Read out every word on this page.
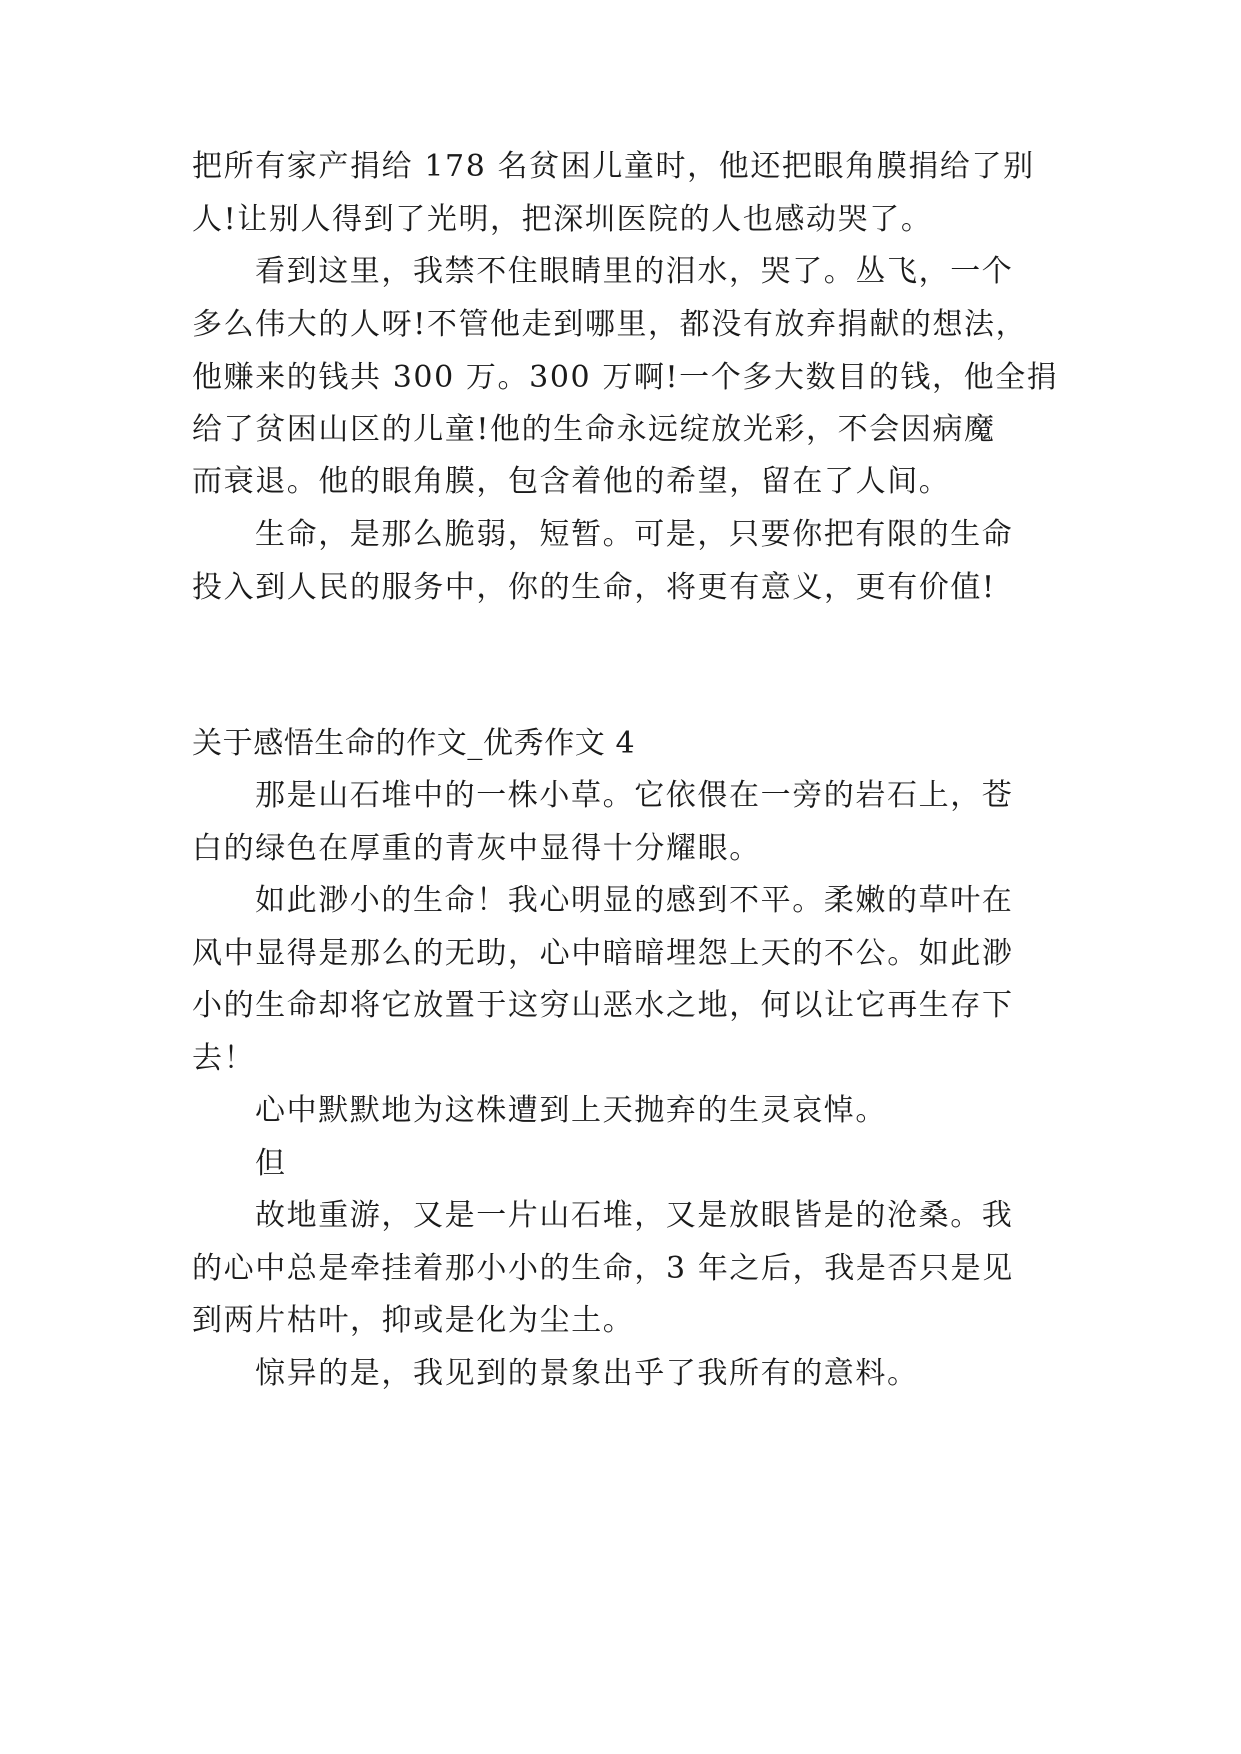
把所有家产捐给 178 名贫困儿童时，他还把眼角膜捐给了别
人!让别人得到了光明，把深圳医院的人也感动哭了。
看到这里，我禁不住眼睛里的泪水，哭了。丛飞，一个
多么伟大的人呀!不管他走到哪里，都没有放弃捐献的想法，
他赚来的钱共 300 万。300 万啊!一个多大数目的钱，他全捐
给了贫困山区的儿童!他的生命永远绽放光彩，不会因病魔
而衰退。他的眼角膜，包含着他的希望，留在了人间。
生命，是那么脆弱，短暂。可是，只要你把有限的生命
投入到人民的服务中，你的生命，将更有意义，更有价值!
关于感悟生命的作文_优秀作文 4
那是山石堆中的一株小草。它依偎在一旁的岩石上，苍
白的绿色在厚重的青灰中显得十分耀眼。
如此渺小的生命！我心明显的感到不平。柔嫩的草叶在
风中显得是那么的无助，心中暗暗埋怨上天的不公。如此渺
小的生命却将它放置于这穷山恶水之地，何以让它再生存下
去！
心中默默地为这株遭到上天抛弃的生灵哀悼。
但
故地重游，又是一片山石堆，又是放眼皆是的沧桑。我
的心中总是牵挂着那小小的生命，3 年之后，我是否只是见
到两片枯叶，抑或是化为尘土。
惊异的是，我见到的景象出乎了我所有的意料。
